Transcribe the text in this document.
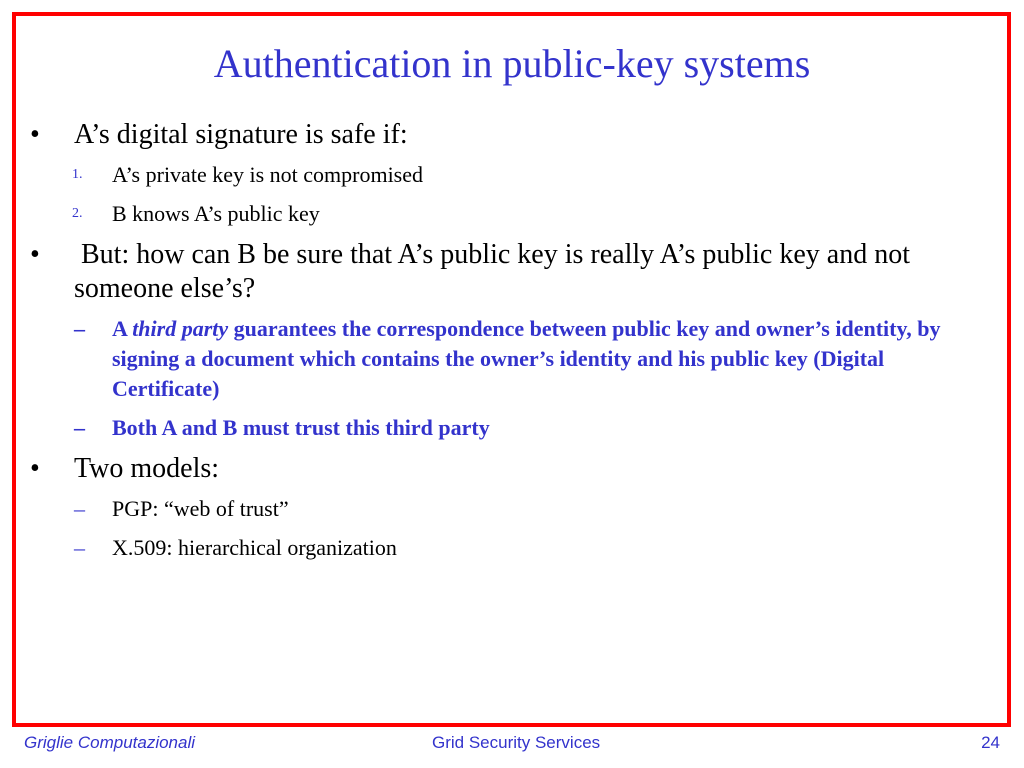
Authentication in public-key systems
•	A’s digital signature is safe if:
1. A’s private key is not compromised
2. B knows A’s public key
•	But: how can B be sure that A’s public key is really A’s public key and not someone else’s?
– A third party guarantees the correspondence between public key and owner’s identity, by signing a document which contains the owner’s identity and his public key (Digital Certificate)
– Both A and B must trust this third party
•	Two models:
– PGP: “web of trust”
– X.509: hierarchical organization
Griglie Computazionali	Grid Security Services	24
